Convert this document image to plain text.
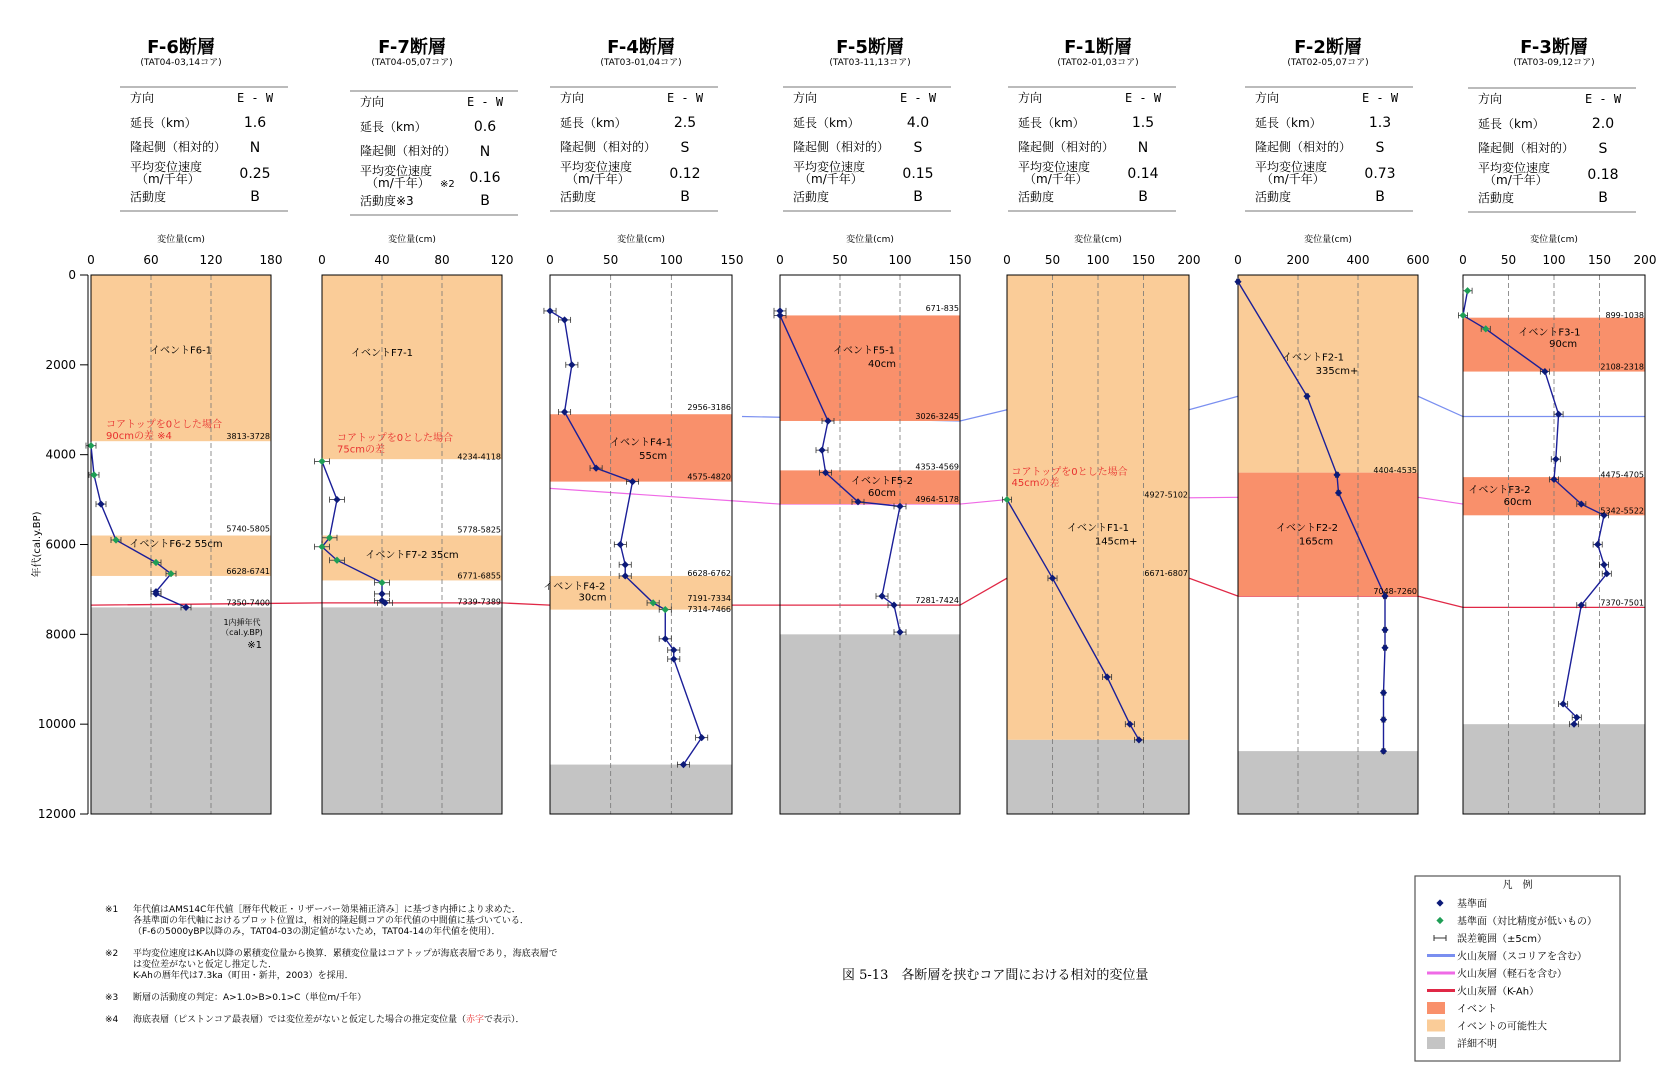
F-6断層
(TAT04-03,14コア)
方向	E - W
延長（km）	1.6
隆起側（相対的） N
平均変位速度
（m/千年）	0.25
活動度	B
変位量(cm)
0	60	120	180
イベントF6-1
イベントF6-2 55cm
3813-3728
5740-5805
6628-6741
7350-7400
コアトップを0とした場合
90cmの差 ※4
1内挿年代
（cal.y.BP)
※1
F-7断層
(TAT04-05,07コア)
方向	E - W
延長（km）	0.6
隆起側（相対的） N
平均変位速度
（m/千年）	0.16
※2
活動度※3	B
変位量(cm)
0	40	80	120
イベントF7-1
イベントF7-2 35cm
4234-4118
5778-5825
6771-6855
7339-7389
コアトップを0とした場合
75cmの差
F-4断層
(TAT03-01,04コア)
方向	E - W
延長（km）	2.5
隆起側（相対的） S
平均変位速度
（m/千年）	0.12
活動度	B
変位量(cm)
0	50	100	150
イベントF4-1
55cm
イベントF4-2
30cm
2956-3186
4575-4820
6628-6762
7191-7334
7314-7466
F-5断層
(TAT03-11,13コア)
方向	E - W
延長（km）	4.0
隆起側（相対的） S
平均変位速度
（m/千年）	0.15
活動度	B
変位量(cm)
0	50	100	150
イベントF5-1
40cm
イベントF5-2
60cm
671-835
3026-3245
4353-4569
4964-5178
7281-7424
F-1断層
(TAT02-01,03コア)
方向	E - W
延長（km）	1.5
隆起側（相対的） N
平均変位速度
（m/千年）	0.14
活動度	B
変位量(cm)
0	50 100 150 200
イベントF1-1
145cm+
4927-5102
6671-6807
コアトップを0とした場合
45cmの差
F-2断層
(TAT02-05,07コア)
方向	E - W
延長（km）	1.3
隆起側（相対的） S
平均変位速度
（m/千年）	0.73
活動度	B
変位量(cm)
0	200	400	600
イベントF2-1
335cm+
イベントF2-2
165cm
4404-4535
7048-7260
F-3断層
(TAT03-09,12コア)
方向	E - W
延長（km）	2.0
隆起側（相対的） S
平均変位速度
（m/千年）	0.18
活動度	B
変位量(cm)
0	50 100 150 200
イベントF3-1
90cm
イベントF3-2
60cm
899-1038
2108-2318
4475-4705
5342-5522
7370-7501
0
2000
4000
6000
8000
10000
12000
年代(cal.y.BP)
凡　例
基準面
基準面（対比精度が低いもの）
誤差範囲（±5cm）
火山灰層（スコリアを含む）
火山灰層（軽石を含む）
火山灰層（K-Ah）
イベント
イベントの可能性大
詳細不明
※1 年代値はAMS14C年代値［暦年代較正・リザーバー効果補正済み］に基づき内挿により求めた．
各基準面の年代軸におけるプロット位置は，相対的隆起側コアの年代値の中間値に基づいている．
（F-6の5000yBP以降のみ，TAT04-03の測定値がないため，TAT04-14の年代値を使用）．
※2 平均変位速度はK-Ah以降の累積変位量から換算．累積変位量はコアトップが海底表層であり，海底表層で
は変位差がないと仮定し推定した．
K-Ahの暦年代は7.3ka（町田・新井，2003）を採用．
※3 断層の活動度の判定：A>1.0>B>0.1>C（単位m/千年）
※4 海底表層（ピストンコア最表層）では変位差がないと仮定した場合の推定変位量（赤字で表示）．
図 5-13　各断層を挟むコア間における相対的変位量
